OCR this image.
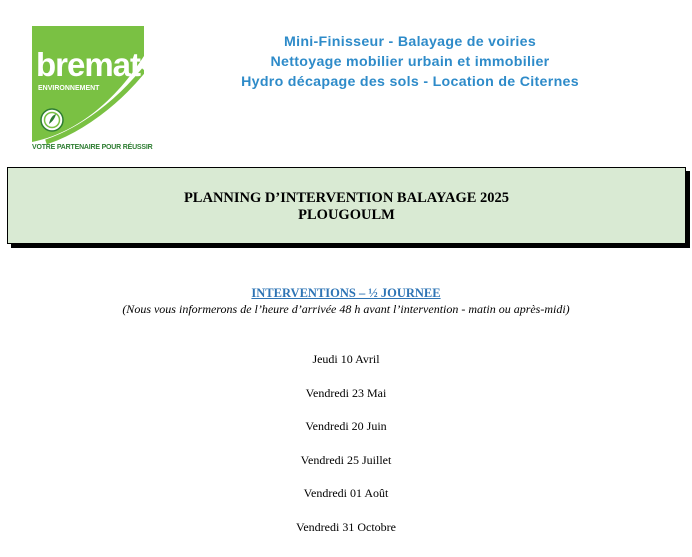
bremat
ENVIRONNEMENT
VOTRE PARTENAIRE POUR RÉUSSIR
Mini-Finisseur - Balayage de voiries
Nettoyage mobilier urbain et immobilier
Hydro décapage des sols - Location de Citernes
PLANNING D’INTERVENTION BALAYAGE 2025
PLOUGOULM
INTERVENTIONS – ½ JOURNEE
(Nous vous informerons de l’heure d’arrivée 48 h avant l’intervention - matin ou après-midi)
Jeudi 10 Avril
Vendredi 23 Mai
Vendredi 20 Juin
Vendredi 25 Juillet
Vendredi 01 Août
Vendredi 31 Octobre
